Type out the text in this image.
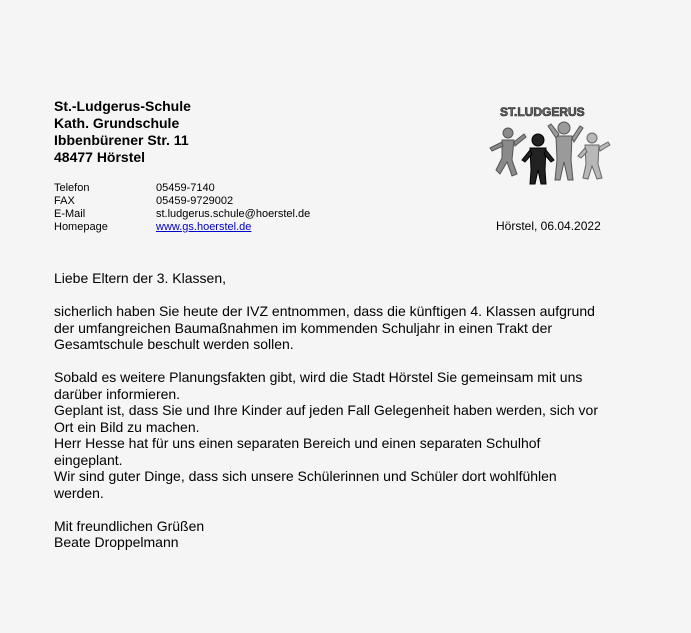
St.-Ludgerus-Schule
Kath. Grundschule
Ibbenbürener Str. 11
48477 Hörstel
ST.LUDGERUS
Telefon	05459-7140
FAX	05459-9729002
E-Mail	st.ludgerus.schule@hoerstel.de
Homepage	www.gs.hoerstel.de	Hörstel, 06.04.2022

Liebe Eltern der 3. Klassen,

sicherlich haben Sie heute der IVZ entnommen, dass die künftigen 4. Klassen aufgrund

der umfangreichen Baumaßnahmen im kommenden Schuljahr in einen Trakt der

Gesamtschule beschult werden sollen.

Sobald es weitere Planungsfakten gibt, wird die Stadt Hörstel Sie gemeinsam mit uns

darüber informieren.

Geplant ist, dass Sie und Ihre Kinder auf jeden Fall Gelegenheit haben werden, sich vor

Ort ein Bild zu machen.

Herr Hesse hat für uns einen separaten Bereich und einen separaten Schulhof

eingeplant.

Wir sind guter Dinge, dass sich unsere Schülerinnen und Schüler dort wohlfühlen

werden.

Mit freundlichen Grüßen

Beate Droppelmann
